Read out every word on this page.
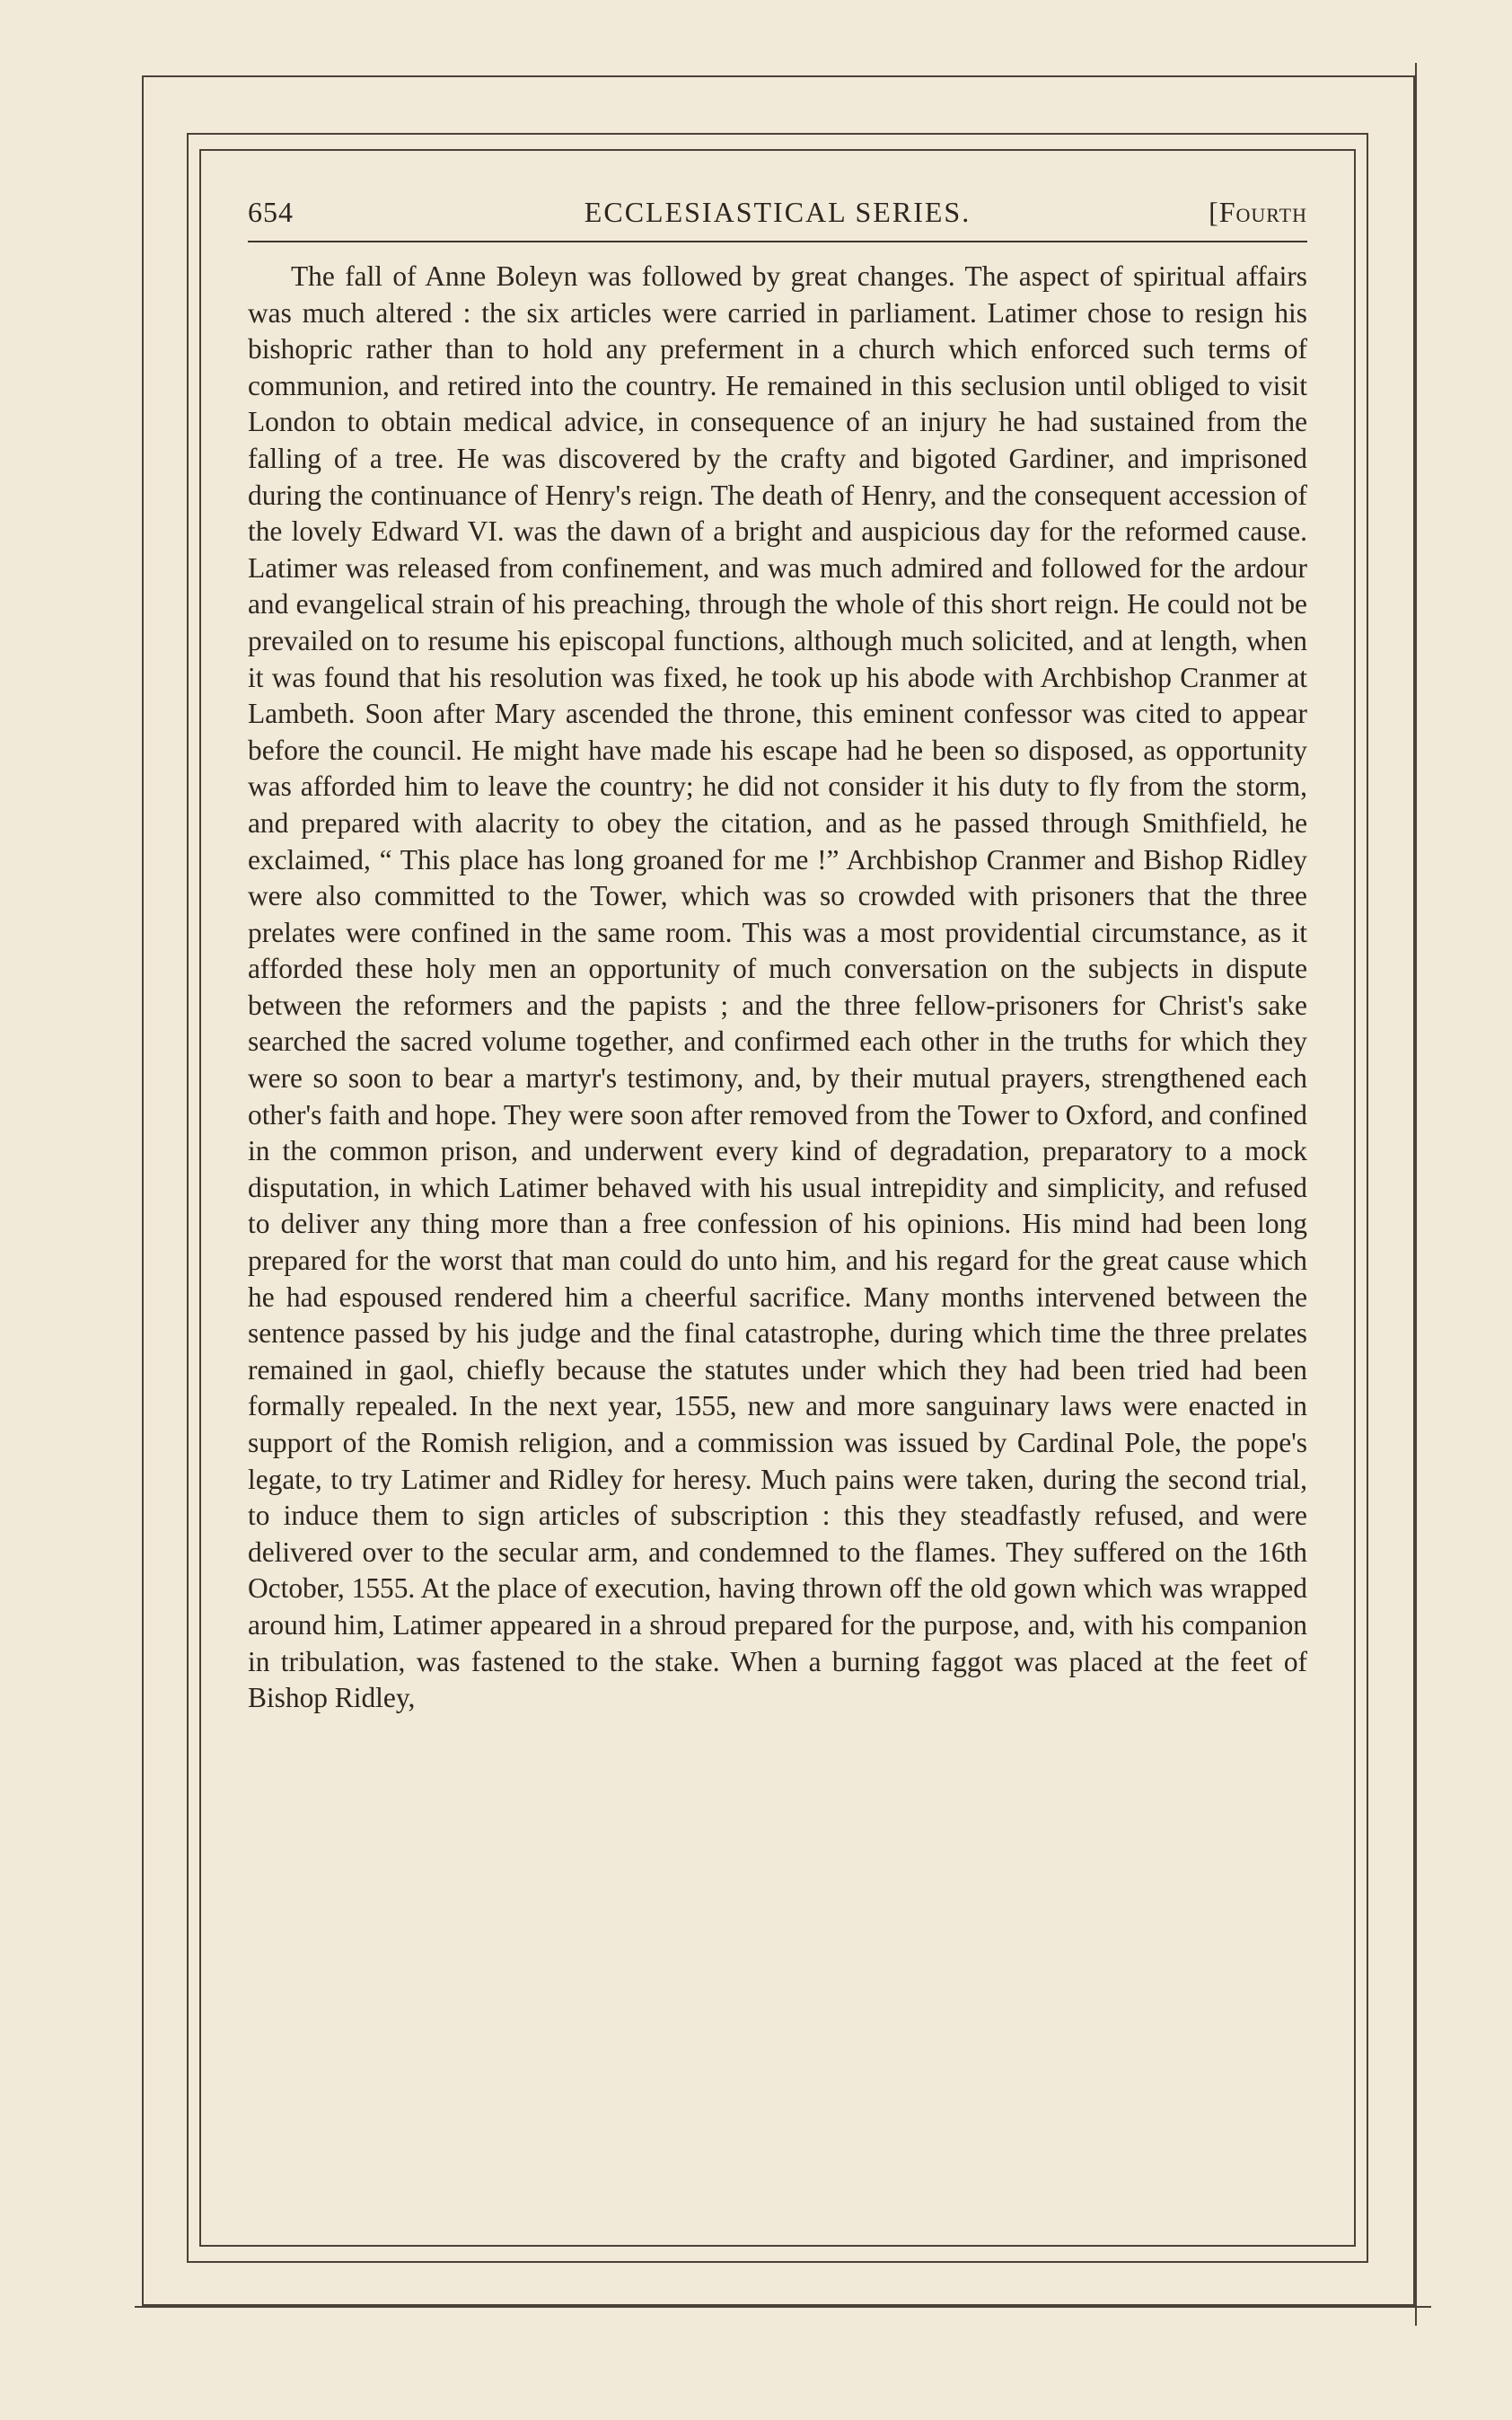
654	ECCLESIASTICAL SERIES.	[Fourth

The fall of Anne Boleyn was followed by great changes. The aspect of spiritual affairs was much altered : the six articles were carried in parliament. Latimer chose to resign his bishopric rather than to hold any preferment in a church which enforced such terms of communion, and retired into the country. He remained in this seclusion until obliged to visit London to obtain medical advice, in consequence of an injury he had sustained from the falling of a tree. He was discovered by the crafty and bigoted Gardiner, and imprisoned during the continuance of Henry's reign. The death of Henry, and the consequent accession of the lovely Edward VI. was the dawn of a bright and auspicious day for the reformed cause. Latimer was released from confinement, and was much admired and followed for the ardour and evangelical strain of his preaching, through the whole of this short reign. He could not be prevailed on to resume his episcopal functions, although much solicited, and at length, when it was found that his resolution was fixed, he took up his abode with Archbishop Cranmer at Lambeth. Soon after Mary ascended the throne, this eminent confessor was cited to appear before the council. He might have made his escape had he been so disposed, as opportunity was afforded him to leave the country; he did not consider it his duty to fly from the storm, and prepared with alacrity to obey the citation, and as he passed through Smithfield, he exclaimed, “ This place has long groaned for me !” Archbishop Cranmer and Bishop Ridley were also committed to the Tower, which was so crowded with prisoners that the three prelates were confined in the same room. This was a most providential circumstance, as it afforded these holy men an opportunity of much conversation on the subjects in dispute between the reformers and the papists ; and the three fellow-prisoners for Christ's sake searched the sacred volume together, and confirmed each other in the truths for which they were so soon to bear a martyr's testimony, and, by their mutual prayers, strengthened each other's faith and hope. They were soon after removed from the Tower to Oxford, and confined in the common prison, and underwent every kind of degradation, preparatory to a mock disputation, in which Latimer behaved with his usual intrepidity and simplicity, and refused to deliver any thing more than a free confession of his opinions. His mind had been long prepared for the worst that man could do unto him, and his regard for the great cause which he had espoused rendered him a cheerful sacrifice. Many months intervened between the sentence passed by his judge and the final catastrophe, during which time the three prelates remained in gaol, chiefly because the statutes under which they had been tried had been formally repealed. In the next year, 1555, new and more sanguinary laws were enacted in support of the Romish religion, and a commission was issued by Cardinal Pole, the pope's legate, to try Latimer and Ridley for heresy. Much pains were taken, during the second trial, to induce them to sign articles of subscription : this they steadfastly refused, and were delivered over to the secular arm, and condemned to the flames. They suffered on the 16th October, 1555. At the place of execution, having thrown off the old gown which was wrapped around him, Latimer appeared in a shroud prepared for the purpose, and, with his companion in tribulation, was fastened to the stake. When a burning faggot was placed at the feet of Bishop Ridley,
